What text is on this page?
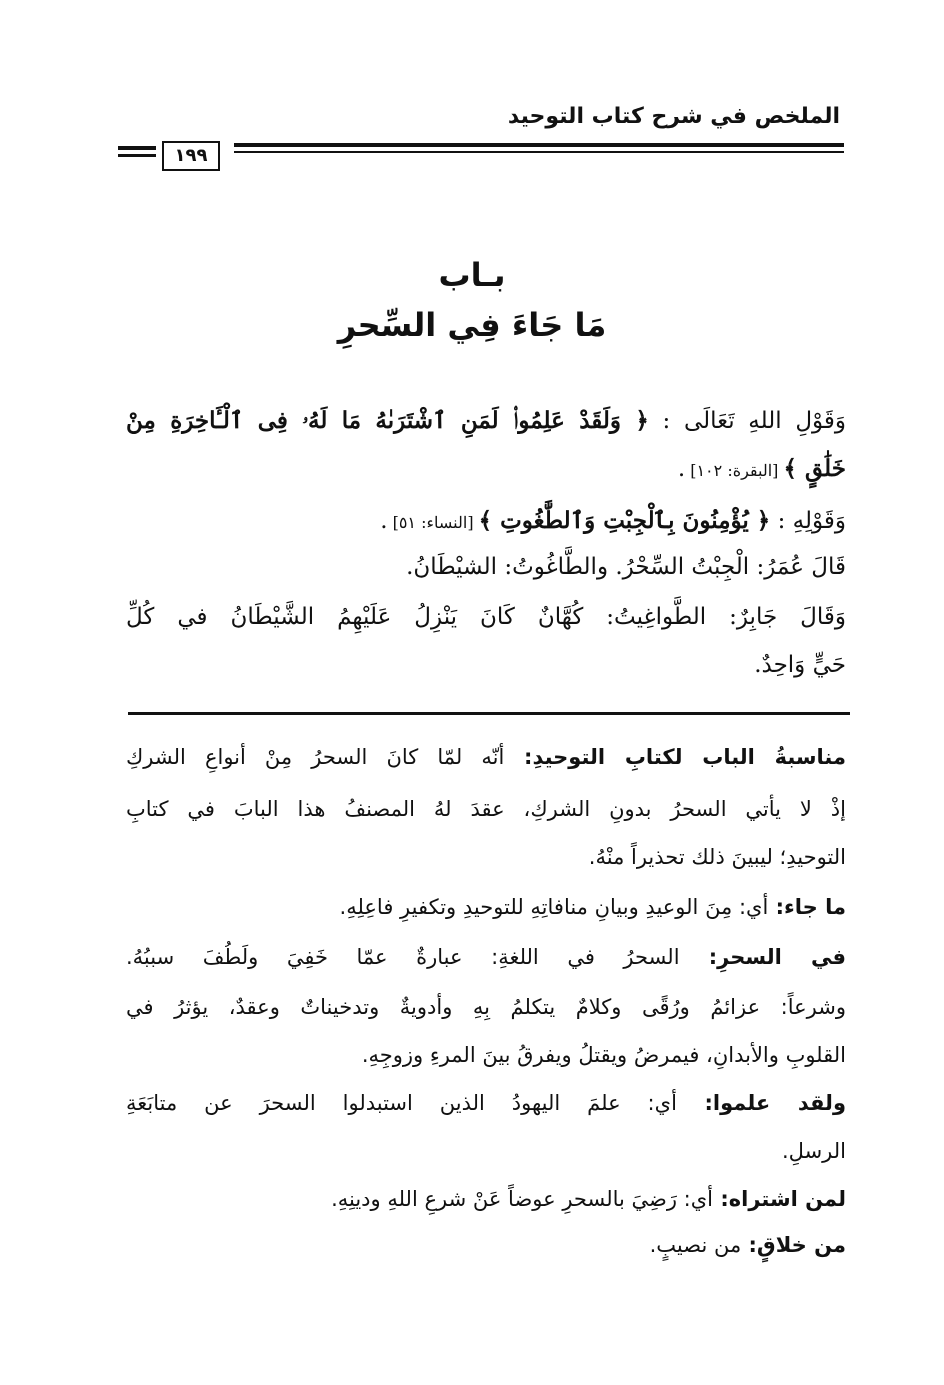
الملخص في شرح كتاب التوحيد
١٩٩
بـاب
مَا جَاءَ فِي السِّحرِ
وَقَوْلِ اللهِ تَعَالَى : ﴿ وَلَقَدْ عَلِمُوا۟ لَمَنِ ٱشْتَرَىٰهُ مَا لَهُۥ فِى ٱلْـَٔاخِرَةِ مِنْ
خَلَٰقٍ ﴾ [البقرة: ١٠٢] .
وَقَوْلِهِ : ﴿ يُؤْمِنُونَ بِٱلْجِبْتِ وَٱلطَّٰغُوتِ ﴾ [النساء: ٥١] .
قَالَ عُمَرُ: الْجِبْتُ السِّحْرُ. والطَّاغُوتُ: الشيْطَانُ.
وَقَالَ جَابِرٌ: الطَّواغِيتُ: كُهَّانٌ كَانَ يَنْزِلُ عَلَيْهِمُ الشَّيْطَانُ في كُلِّ
حَيٍّ وَاحِدٌ.
مناسبةُ الباب لكتابِ التوحيدِ: أنّه لمّا كانَ السحرُ مِنْ أنواعِ الشركِ
إذْ لا يأتي السحرُ بدونِ الشركِ، عقدَ لهُ المصنفُ هذا البابَ في كتابِ
التوحيدِ؛ ليبينَ ذلك تحذيراً منْهُ.
ما جاء: أي: مِنَ الوعيدِ وبيانِ منافاتِهِ للتوحيدِ وتكفيرِ فاعِلِهِ.
في السحرِ: السحرُ في اللغةِ: عبارةٌ عمّا خَفِيَ ولَطُفَ سببُهُ.
وشرعاً: عزائمُ ورُقًى وكلامٌ يتكلمُ بِهِ وأدويةٌ وتدخيناتٌ وعقدٌ، يؤثرُ في
القلوبِ والأبدانِ، فيمرضُ ويقتلُ ويفرقُ بينَ المرءِ وزوجِهِ.
ولقد علموا: أي: علمَ اليهودُ الذين استبدلوا السحرَ عن متابَعَةِ
الرسلِ.
لمن اشتراه: أي: رَضِيَ بالسحرِ عوضاً عَنْ شرعِ اللهِ ودينِهِ.
من خلاقٍ: من نصيبٍ.
